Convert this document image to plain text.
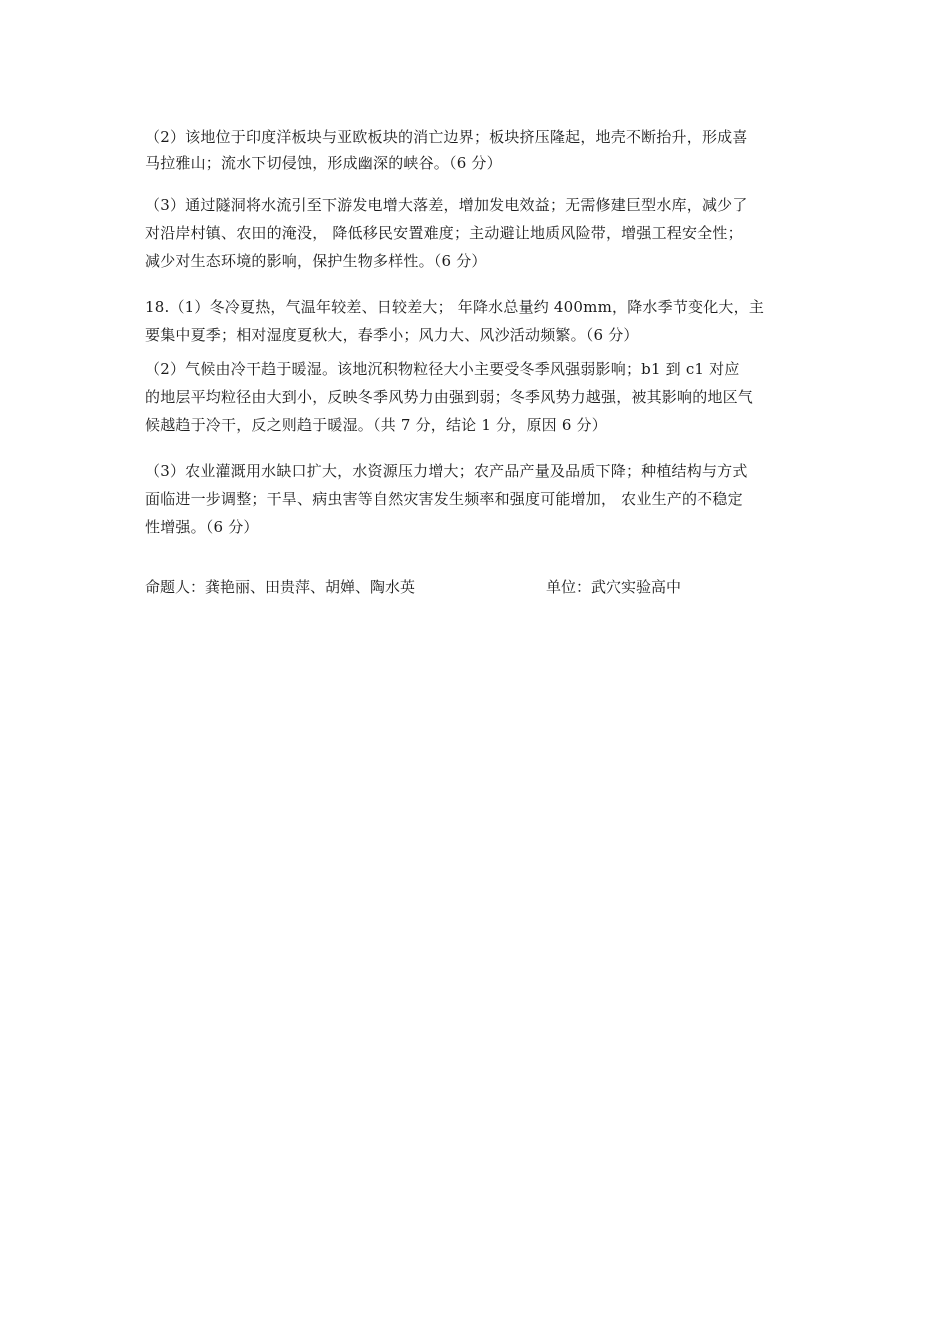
（2）该地位于印度洋板块与亚欧板块的消亡边界；板块挤压隆起，地壳不断抬升，形成喜
马拉雅山；流水下切侵蚀，形成幽深的峡谷。（6 分）
（3）通过隧洞将水流引至下游发电增大落差，增加发电效益；无需修建巨型水库，减少了
对沿岸村镇、农田的淹没， 降低移民安置难度；主动避让地质风险带，增强工程安全性；
减少对生态环境的影响，保护生物多样性。（6 分）
18.（1）冬冷夏热，气温年较差、日较差大； 年降水总量约 400mm，降水季节变化大，主
要集中夏季；相对湿度夏秋大，春季小；风力大、风沙活动频繁。（6 分）
（2）气候由冷干趋于暖湿。该地沉积物粒径大小主要受冬季风强弱影响；b1 到 c1 对应
的地层平均粒径由大到小，反映冬季风势力由强到弱；冬季风势力越强，被其影响的地区气
候越趋于冷干，反之则趋于暖湿。（共 7 分，结论 1 分，原因 6 分）
（3）农业灌溉用水缺口扩大，水资源压力增大；农产品产量及品质下降；种植结构与方式
面临进一步调整；干旱、病虫害等自然灾害发生频率和强度可能增加， 农业生产的不稳定
性增强。（6 分）
命题人：龚艳丽、田贵萍、胡婵、陶水英	单位：武穴实验高中
